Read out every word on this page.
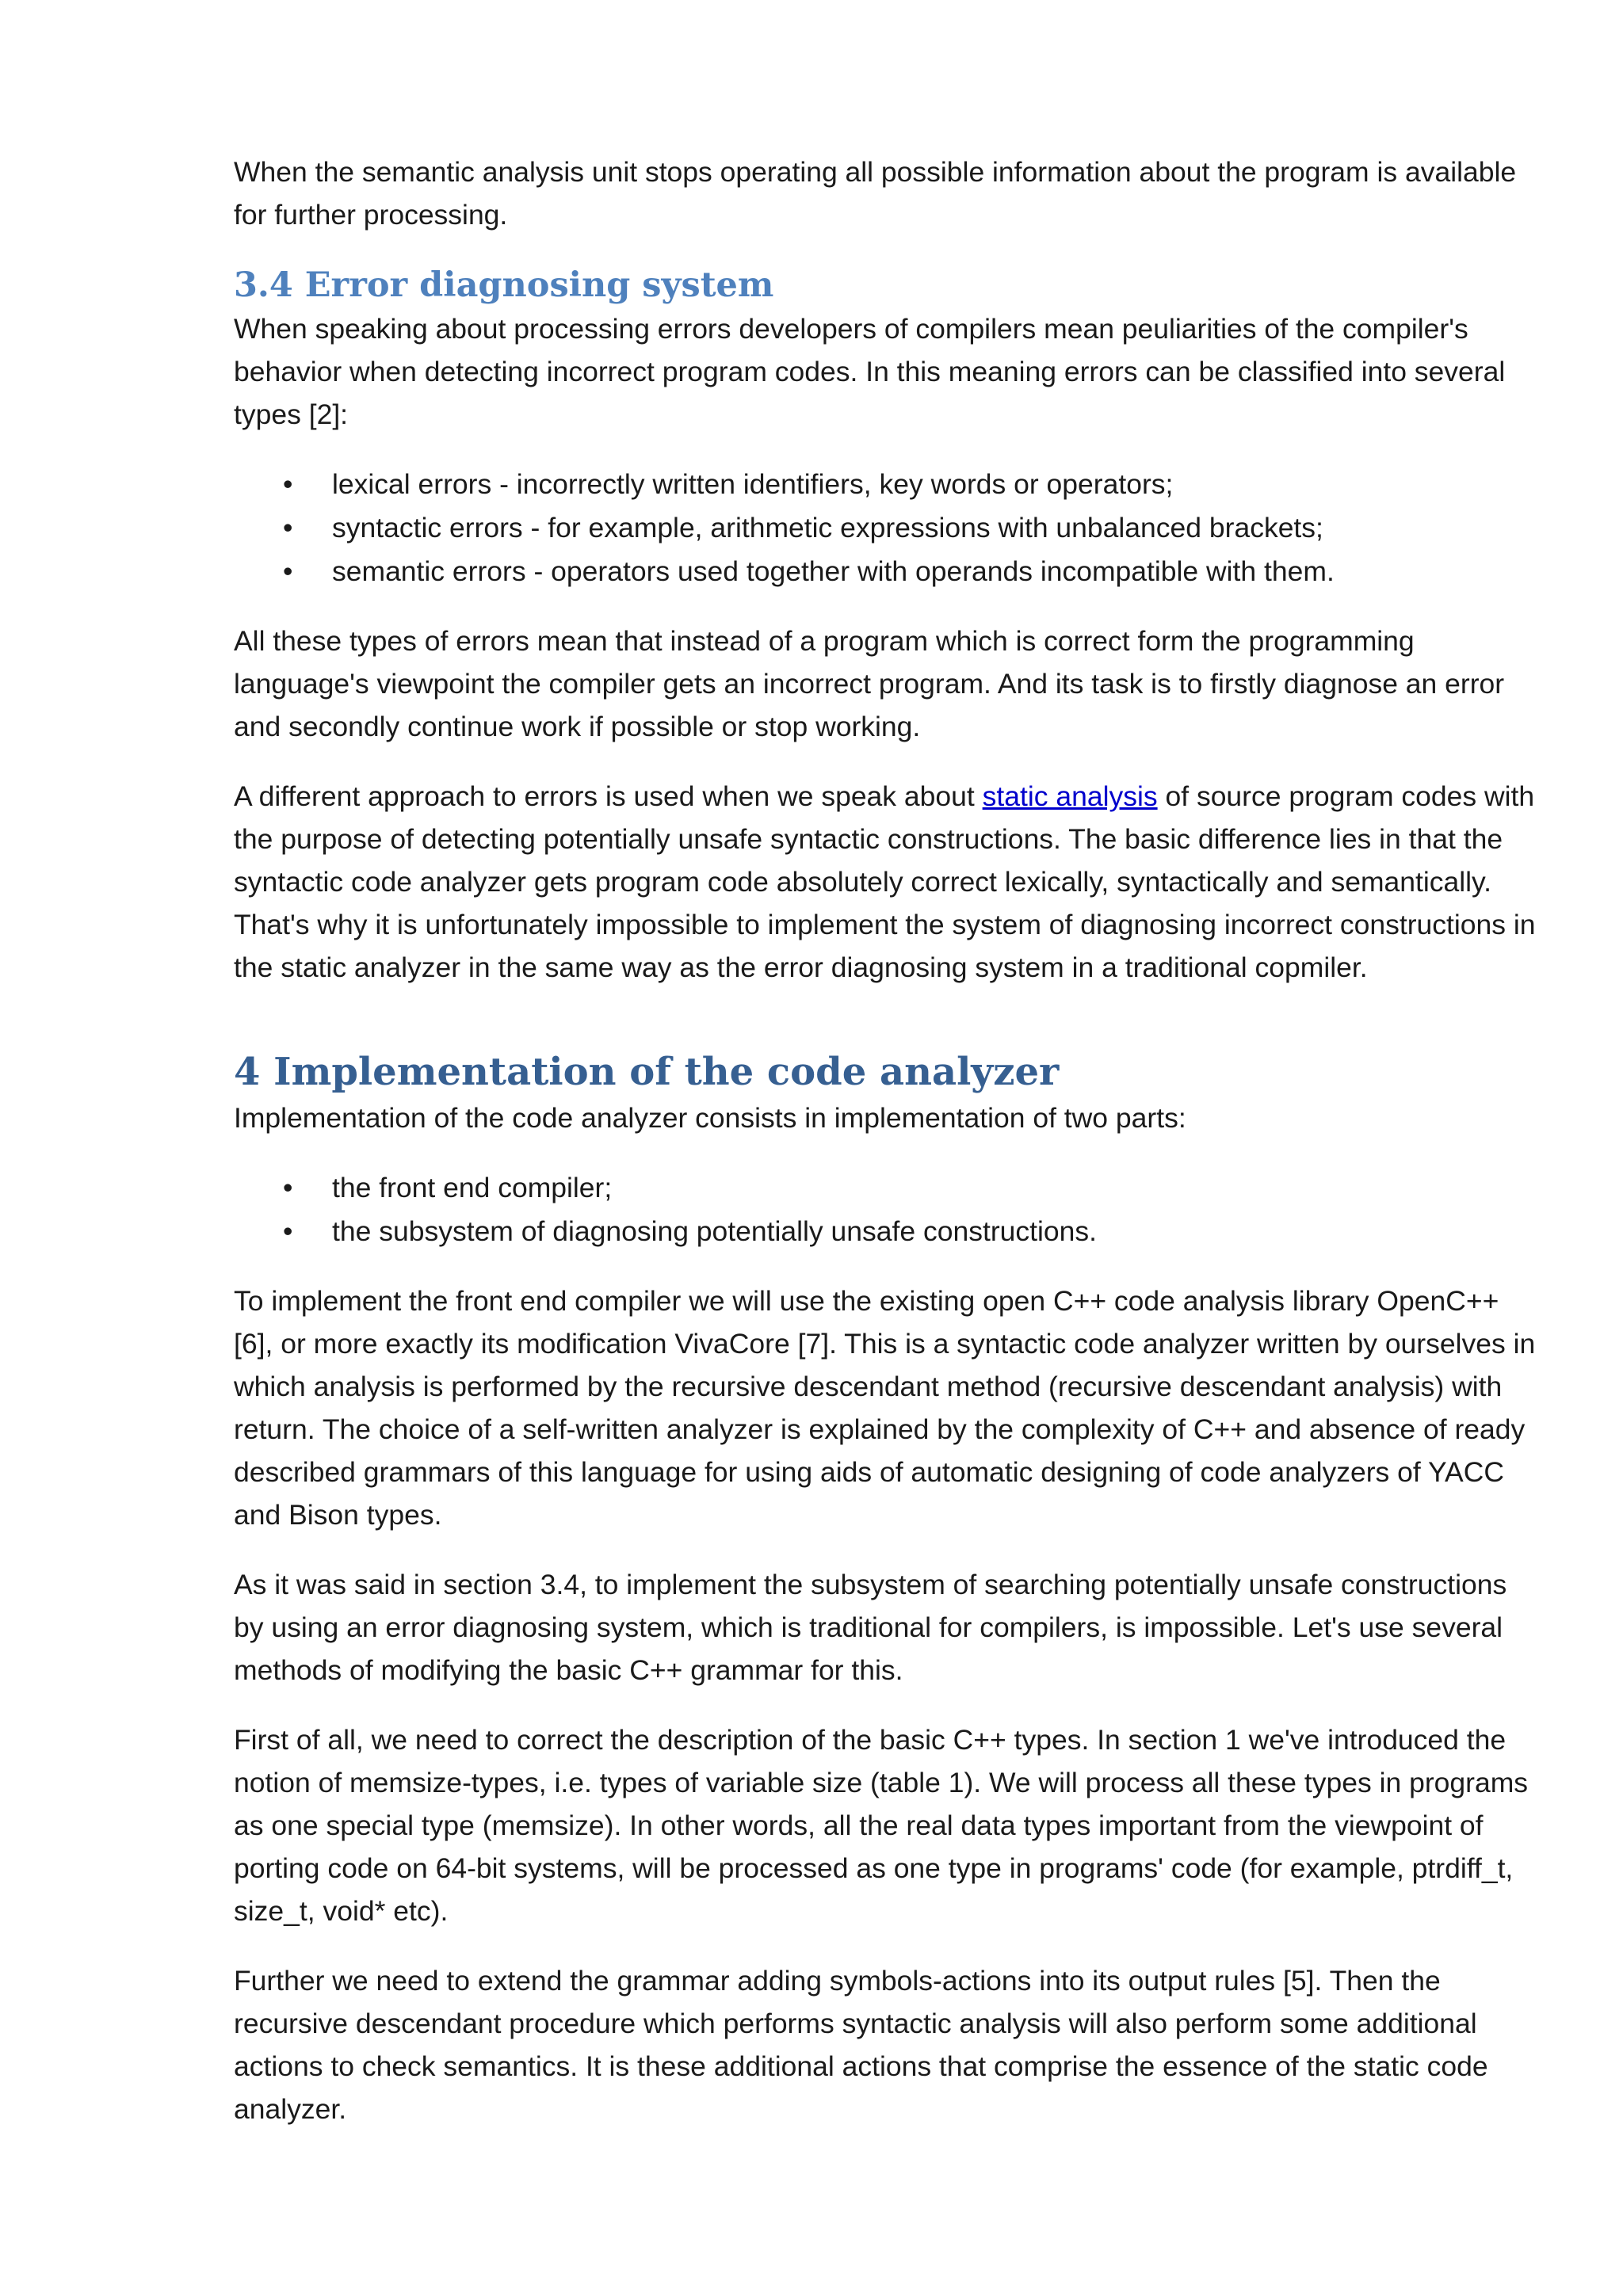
When the semantic analysis unit stops operating all possible information about the program is available for further processing.

3.4 Error diagnosing system

When speaking about processing errors developers of compilers mean peuliarities of the compiler's behavior when detecting incorrect program codes. In this meaning errors can be classified into several types [2]:

• lexical errors - incorrectly written identifiers, key words or operators;
• syntactic errors - for example, arithmetic expressions with unbalanced brackets;
• semantic errors - operators used together with operands incompatible with them.

All these types of errors mean that instead of a program which is correct form the programming language's viewpoint the compiler gets an incorrect program. And its task is to firstly diagnose an error and secondly continue work if possible or stop working.

A different approach to errors is used when we speak about static analysis of source program codes with the purpose of detecting potentially unsafe syntactic constructions. The basic difference lies in that the syntactic code analyzer gets program code absolutely correct lexically, syntactically and semantically. That's why it is unfortunately impossible to implement the system of diagnosing incorrect constructions in the static analyzer in the same way as the error diagnosing system in a traditional copmiler.

4 Implementation of the code analyzer

Implementation of the code analyzer consists in implementation of two parts:

• the front end compiler;
• the subsystem of diagnosing potentially unsafe constructions.

To implement the front end compiler we will use the existing open C++ code analysis library OpenC++ [6], or more exactly its modification VivaCore [7]. This is a syntactic code analyzer written by ourselves in which analysis is performed by the recursive descendant method (recursive descendant analysis) with return. The choice of a self-written analyzer is explained by the complexity of C++ and absence of ready described grammars of this language for using aids of automatic designing of code analyzers of YACC and Bison types.

As it was said in section 3.4, to implement the subsystem of searching potentially unsafe constructions by using an error diagnosing system, which is traditional for compilers, is impossible. Let's use several methods of modifying the basic C++ grammar for this.

First of all, we need to correct the description of the basic C++ types. In section 1 we've introduced the notion of memsize-types, i.e. types of variable size (table 1). We will process all these types in programs as one special type (memsize). In other words, all the real data types important from the viewpoint of porting code on 64-bit systems, will be processed as one type in programs' code (for example, ptrdiff_t, size_t, void* etc).

Further we need to extend the grammar adding symbols-actions into its output rules [5]. Then the recursive descendant procedure which performs syntactic analysis will also perform some additional actions to check semantics. It is these additional actions that comprise the essence of the static code analyzer.
